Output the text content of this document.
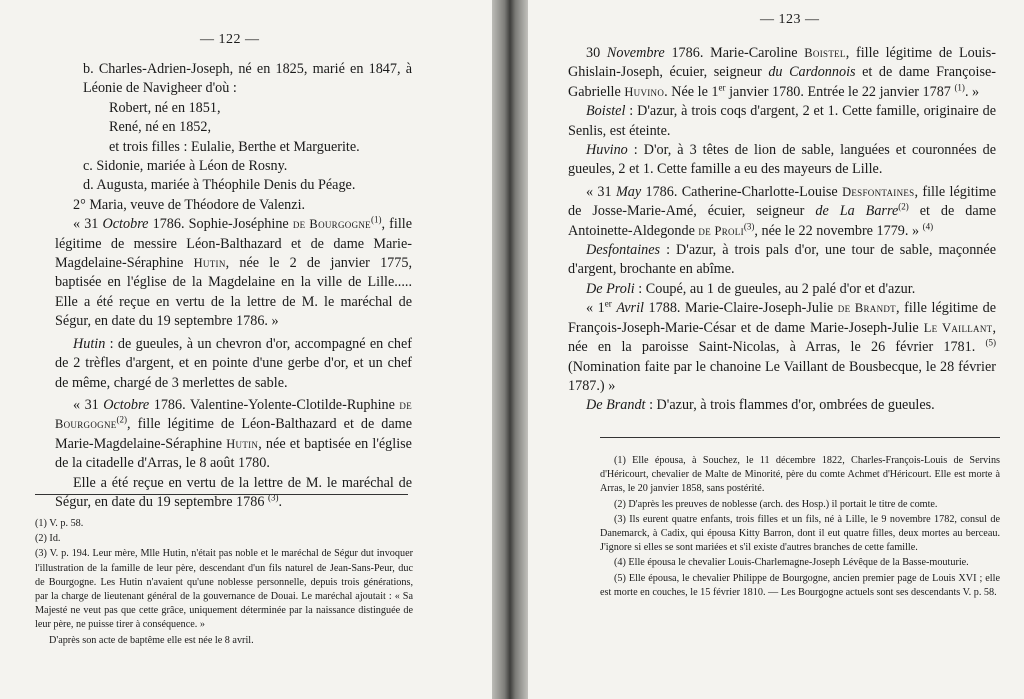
— 122 —

b. Charles-Adrien-Joseph, né en 1825, marié en 1847, à Léonie de Navigheer d'où :

Robert, né en 1851,

René, né en 1852,

et trois filles : Eulalie, Berthe et Marguerite.

c. Sidonie, mariée à Léon de Rosny.

d. Augusta, mariée à Théophile Denis du Péage.

2° Maria, veuve de Théodore de Valenzi.

« 31 Octobre 1786. Sophie-Joséphine de Bourgogne$^{(1)}$, fille légitime de messire Léon-Balthazard et de dame Marie-Magdelaine-Séraphine Hutin, née le 2 de janvier 1775, baptisée en l'église de la Magdelaine en la ville de Lille..... Elle a été reçue en vertu de la lettre de M. le maréchal de Ségur, en date du 19 septembre 1786. »

Hutin : de gueules, à un chevron d'or, accompagné en chef de 2 trèfles d'argent, et en pointe d'une gerbe d'or, et un chef de même, chargé de 3 merlettes de sable.

« 31 Octobre 1786. Valentine-Yolente-Clotilde-Ruphine de Bourgogne$^{(2)}$, fille légitime de Léon-Balthazard et de dame Marie-Magdelaine-Séraphine Hutin, née et baptisée en l'église de la citadelle d'Arras, le 8 août 1780.

Elle a été reçue en vertu de la lettre de M. le maréchal de Ségur, en date du 19 septembre 1786 $^{(3)}$.

(1) V. p. 58.

(2) Id.

(3) V. p. 194. Leur mère, Mlle Hutin, n'était pas noble et le maréchal de Ségur dut invoquer l'illustration de la famille de leur père, descendant d'un fils naturel de Jean-Sans-Peur, duc de Bourgogne. Les Hutin n'avaient qu'une noblesse personnelle, depuis trois générations, par la charge de lieutenant général de la gouvernance de Douai. Le maréchal ajoutait : « Sa Majesté ne veut pas que cette grâce, uniquement déterminée par la naissance distinguée de leur père, ne puisse tirer à conséquence. »

D'après son acte de baptême elle est née le 8 avril.

— 123 —

30 Novembre 1786. Marie-Caroline Boistel, fille légitime de Louis-Ghislain-Joseph, écuier, seigneur du Cardonnois et de dame Françoise-Gabrielle Huvino. Née le 1er janvier 1780. Entrée le 22 janvier 1787 $^{(1)}$. »

Boistel : D'azur, à trois coqs d'argent, 2 et 1. Cette famille, originaire de Senlis, est éteinte.

Huvino : D'or, à 3 têtes de lion de sable, languées et couronnées de gueules, 2 et 1. Cette famille a eu des mayeurs de Lille.

« 31 May 1786. Catherine-Charlotte-Louise Desfontaines, fille légitime de Josse-Marie-Amé, écuier, seigneur de La Barre$^{(2)}$ et de dame Antoinette-Aldegonde de Proli$^{(3)}$, née le 22 novembre 1779. » $^{(4)}$

Desfontaines : D'azur, à trois pals d'or, une tour de sable, maçonnée d'argent, brochante en abîme.

De Proli : Coupé, au 1 de gueules, au 2 palé d'or et d'azur.

« 1er Avril 1788. Marie-Claire-Joseph-Julie de Brandt, fille légitime de François-Joseph-Marie-César et de dame Marie-Joseph-Julie Le Vaillant, née en la paroisse Saint-Nicolas, à Arras, le 26 février 1781. $^{(5)}$ (Nomination faite par le chanoine Le Vaillant de Bousbecque, le 28 février 1787.) »

De Brandt : D'azur, à trois flammes d'or, ombrées de gueules.

(1) Elle épousa, à Souchez, le 11 décembre 1822, Charles-François-Louis de Servins d'Héricourt, chevalier de Malte de Minorité, père du comte Achmet d'Héricourt. Elle est morte à Arras, le 20 janvier 1858, sans postérité.

(2) D'après les preuves de noblesse (arch. des Hosp.) il portait le titre de comte.

(3) Ils eurent quatre enfants, trois filles et un fils, né à Lille, le 9 novembre 1782, consul de Danemarck, à Cadix, qui épousa Kitty Barron, dont il eut quatre filles, deux mortes au berceau. J'ignore si elles se sont mariées et s'il existe d'autres branches de cette famille.

(4) Elle épousa le chevalier Louis-Charlemagne-Joseph Lévêque de la Basse-mouturie.

(5) Elle épousa, le chevalier Philippe de Bourgogne, ancien premier page de Louis XVI ; elle est morte en couches, le 15 février 1810. — Les Bourgogne actuels sont ses descendants V. p. 58.
